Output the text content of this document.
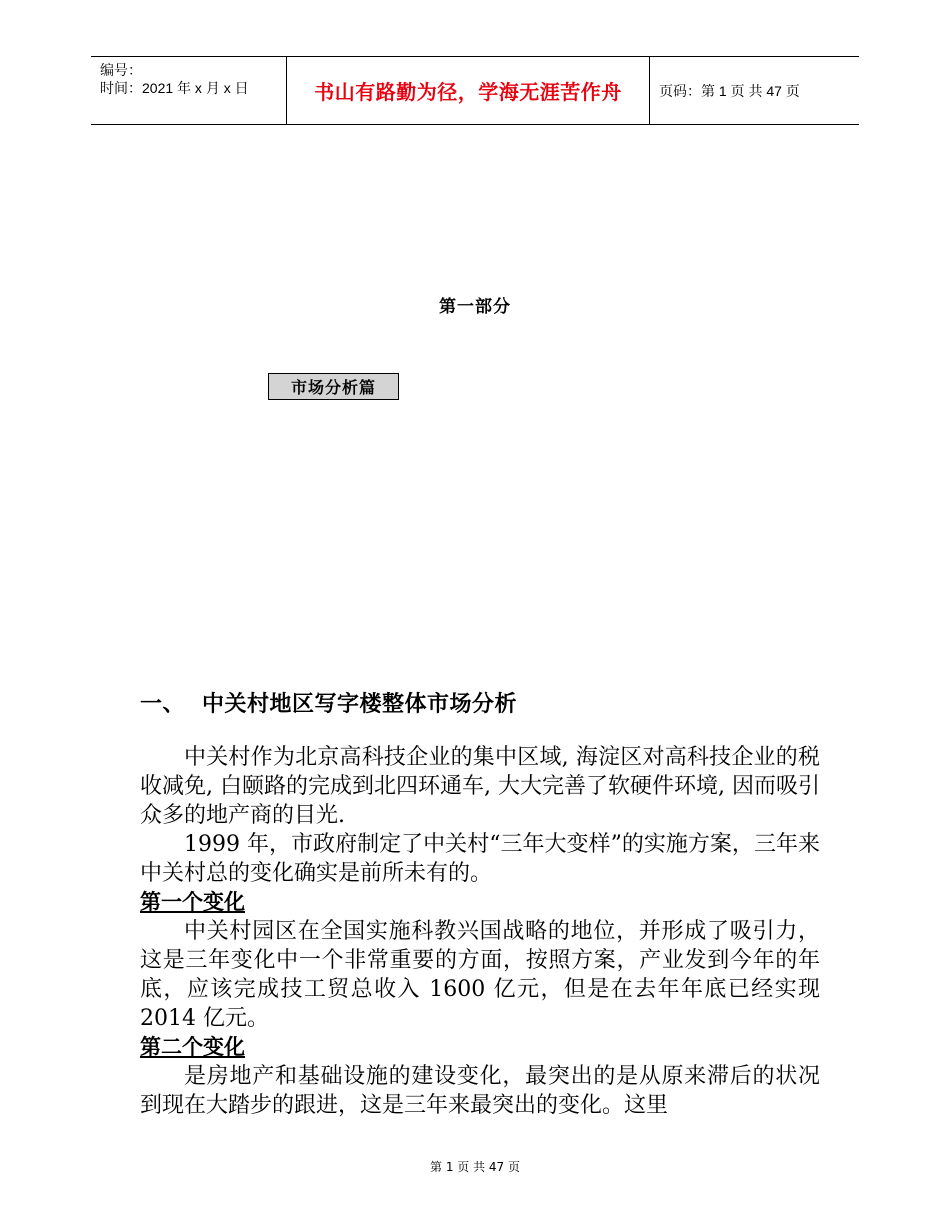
编号：
时间：2021 年 x 月 x 日	书山有路勤为径，学海无涯苦作舟	页码：第 1 页 共 47 页
第一部分
市场分析篇
一、 中关村地区写字楼整体市场分析

中关村作为北京高科技企业的集中区域, 海淀区对高科技企业的税收减免, 白颐路的完成到北四环通车, 大大完善了软硬件环境, 因而吸引众多的地产商的目光.

1999 年，市政府制定了中关村“三年大变样”的实施方案，三年来中关村总的变化确实是前所未有的。

第一个变化

中关村园区在全国实施科教兴国战略的地位，并形成了吸引力，这是三年变化中一个非常重要的方面，按照方案，产业发到今年的年底，应该完成技工贸总收入 1600 亿元，但是在去年年底已经实现 2014 亿元。

第二个变化

是房地产和基础设施的建设变化，最突出的是从原来滞后的状况到现在大踏步的跟进，这是三年来最突出的变化。这里

第 1 页 共 47 页
